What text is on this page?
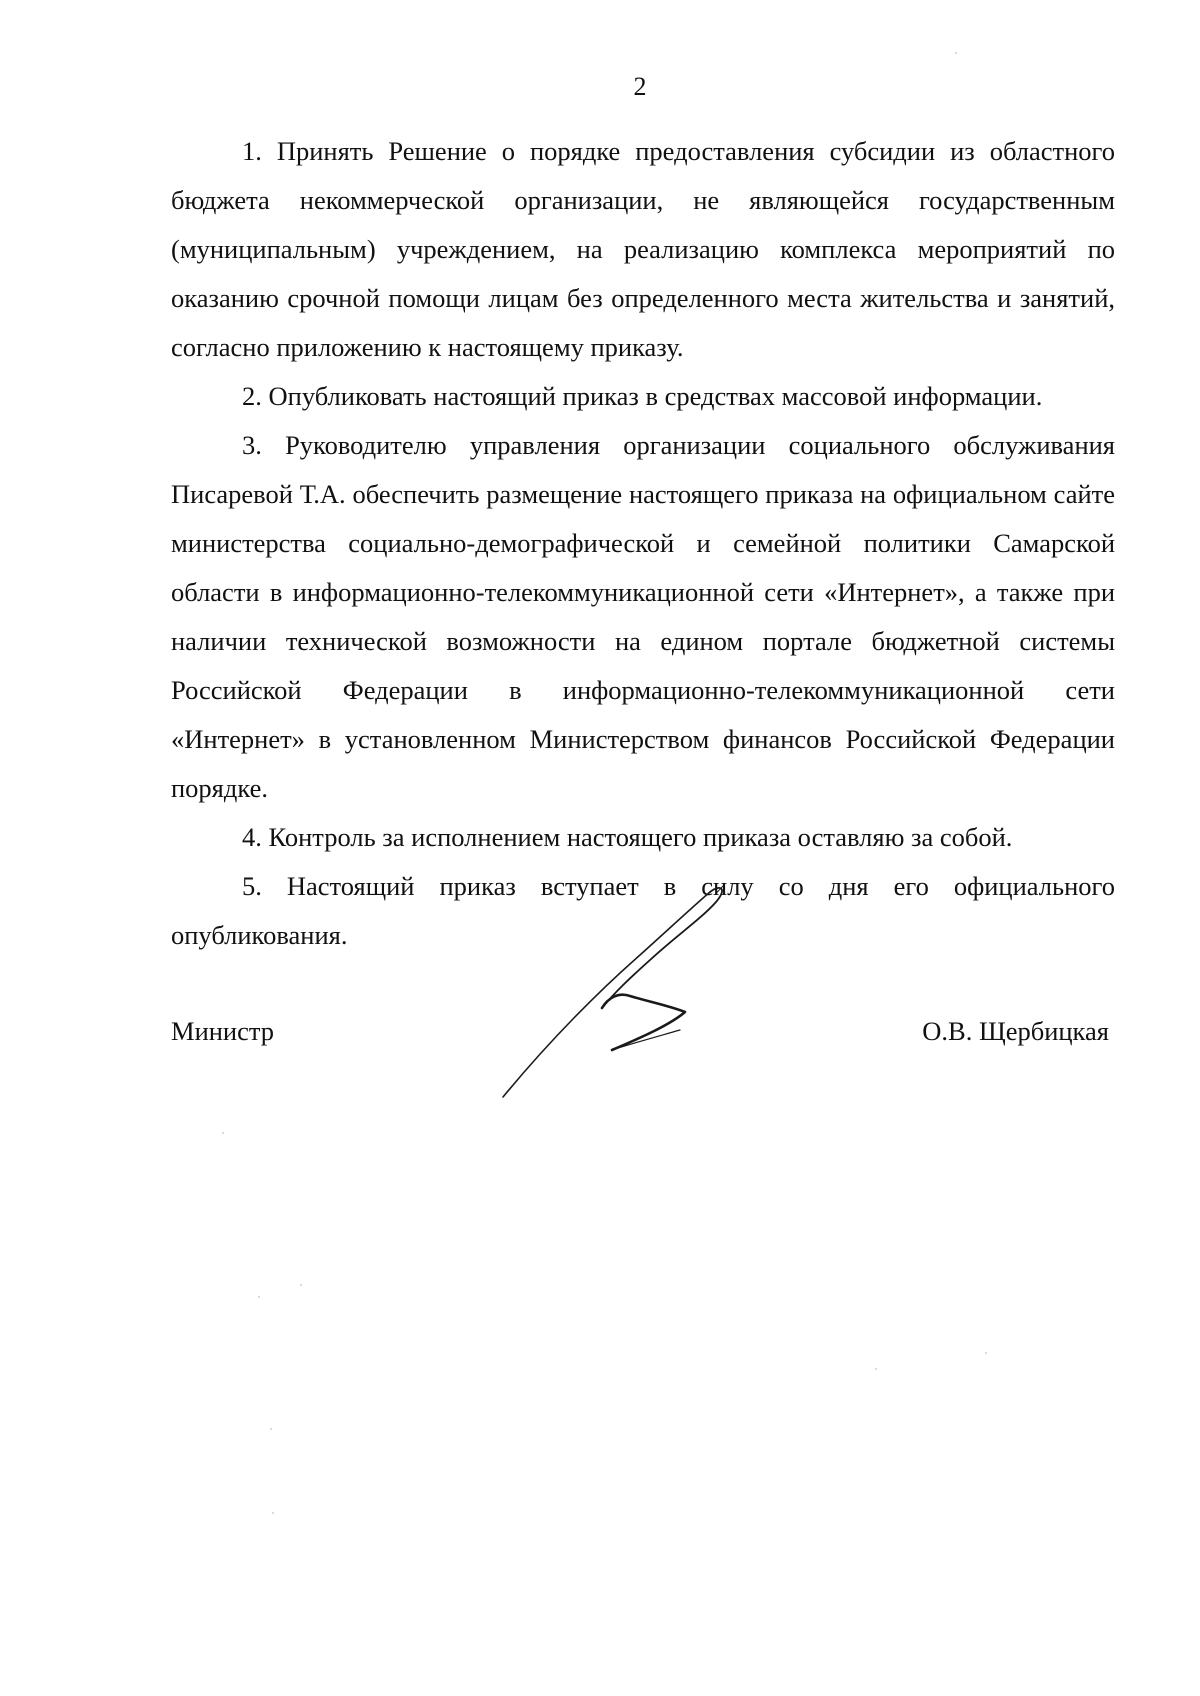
2

1. Принять Решение о порядке предоставления субсидии из областного бюджета некоммерческой организации, не являющейся государственным (муниципальным) учреждением, на реализацию комплекса мероприятий по оказанию срочной помощи лицам без определенного места жительства и занятий, согласно приложению к настоящему приказу.

2. Опубликовать настоящий приказ в средствах массовой информации.

3. Руководителю управления организации социального обслуживания Писаревой Т.А. обеспечить размещение настоящего приказа на официальном сайте министерства социально-демографической и семейной политики Самарской области в информационно-телекоммуникационной сети «Интернет», а также при наличии технической возможности на едином портале бюджетной системы Российской Федерации в информационно-телекоммуникационной сети «Интернет» в установленном Министерством финансов Российской Федерации порядке.

4. Контроль за исполнением настоящего приказа оставляю за собой.

5. Настоящий приказ вступает в силу со дня его официального опубликования.

Министр	О.В. Щербицкая
